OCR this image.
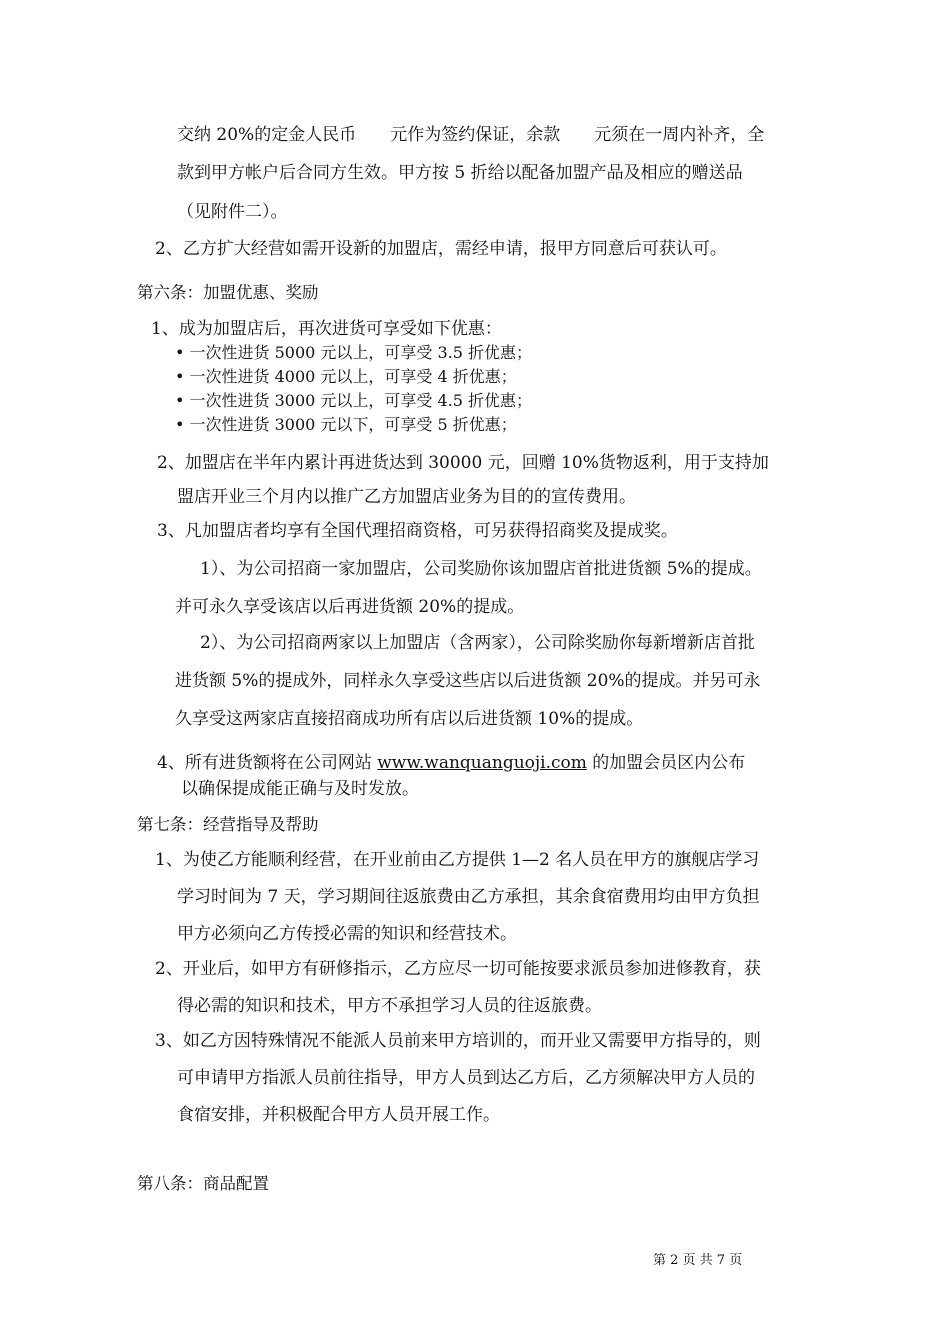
交纳 20%的定金人民币　　元作为签约保证，余款　　元须在一周内补齐，全
款到甲方帐户后合同方生效。甲方按 5 折给以配备加盟产品及相应的赠送品
（见附件二）。
2、乙方扩大经营如需开设新的加盟店，需经申请，报甲方同意后可获认可。
第六条：加盟优惠、奖励
1、成为加盟店后，再次进货可享受如下优惠：
• 一次性进货 5000 元以上，可享受 3.5 折优惠；
• 一次性进货 4000 元以上，可享受 4 折优惠；
• 一次性进货 3000 元以上，可享受 4.5 折优惠；
• 一次性进货 3000 元以下，可享受 5 折优惠；
2、加盟店在半年内累计再进货达到 30000 元，回赠 10%货物返利，用于支持加
盟店开业三个月内以推广乙方加盟店业务为目的的宣传费用。
3、凡加盟店者均享有全国代理招商资格，可另获得招商奖及提成奖。
1）、为公司招商一家加盟店，公司奖励你该加盟店首批进货额 5%的提成。
并可永久享受该店以后再进货额 20%的提成。
2）、为公司招商两家以上加盟店（含两家），公司除奖励你每新增新店首批
进货额 5%的提成外，同样永久享受这些店以后进货额 20%的提成。并另可永
久享受这两家店直接招商成功所有店以后进货额 10%的提成。
4、所有进货额将在公司网站 www.wanquanguoji.com 的加盟会员区内公布
以确保提成能正确与及时发放。
第七条：经营指导及帮助
1、为使乙方能顺利经营，在开业前由乙方提供 1—2 名人员在甲方的旗舰店学习
学习时间为 7 天，学习期间往返旅费由乙方承担，其余食宿费用均由甲方负担
甲方必须向乙方传授必需的知识和经营技术。
2、开业后，如甲方有研修指示，乙方应尽一切可能按要求派员参加进修教育，获
得必需的知识和技术，甲方不承担学习人员的往返旅费。
3、如乙方因特殊情况不能派人员前来甲方培训的，而开业又需要甲方指导的，则
可申请甲方指派人员前往指导，甲方人员到达乙方后，乙方须解决甲方人员的
食宿安排，并积极配合甲方人员开展工作。
第八条：商品配置
第 2 页 共 7 页
